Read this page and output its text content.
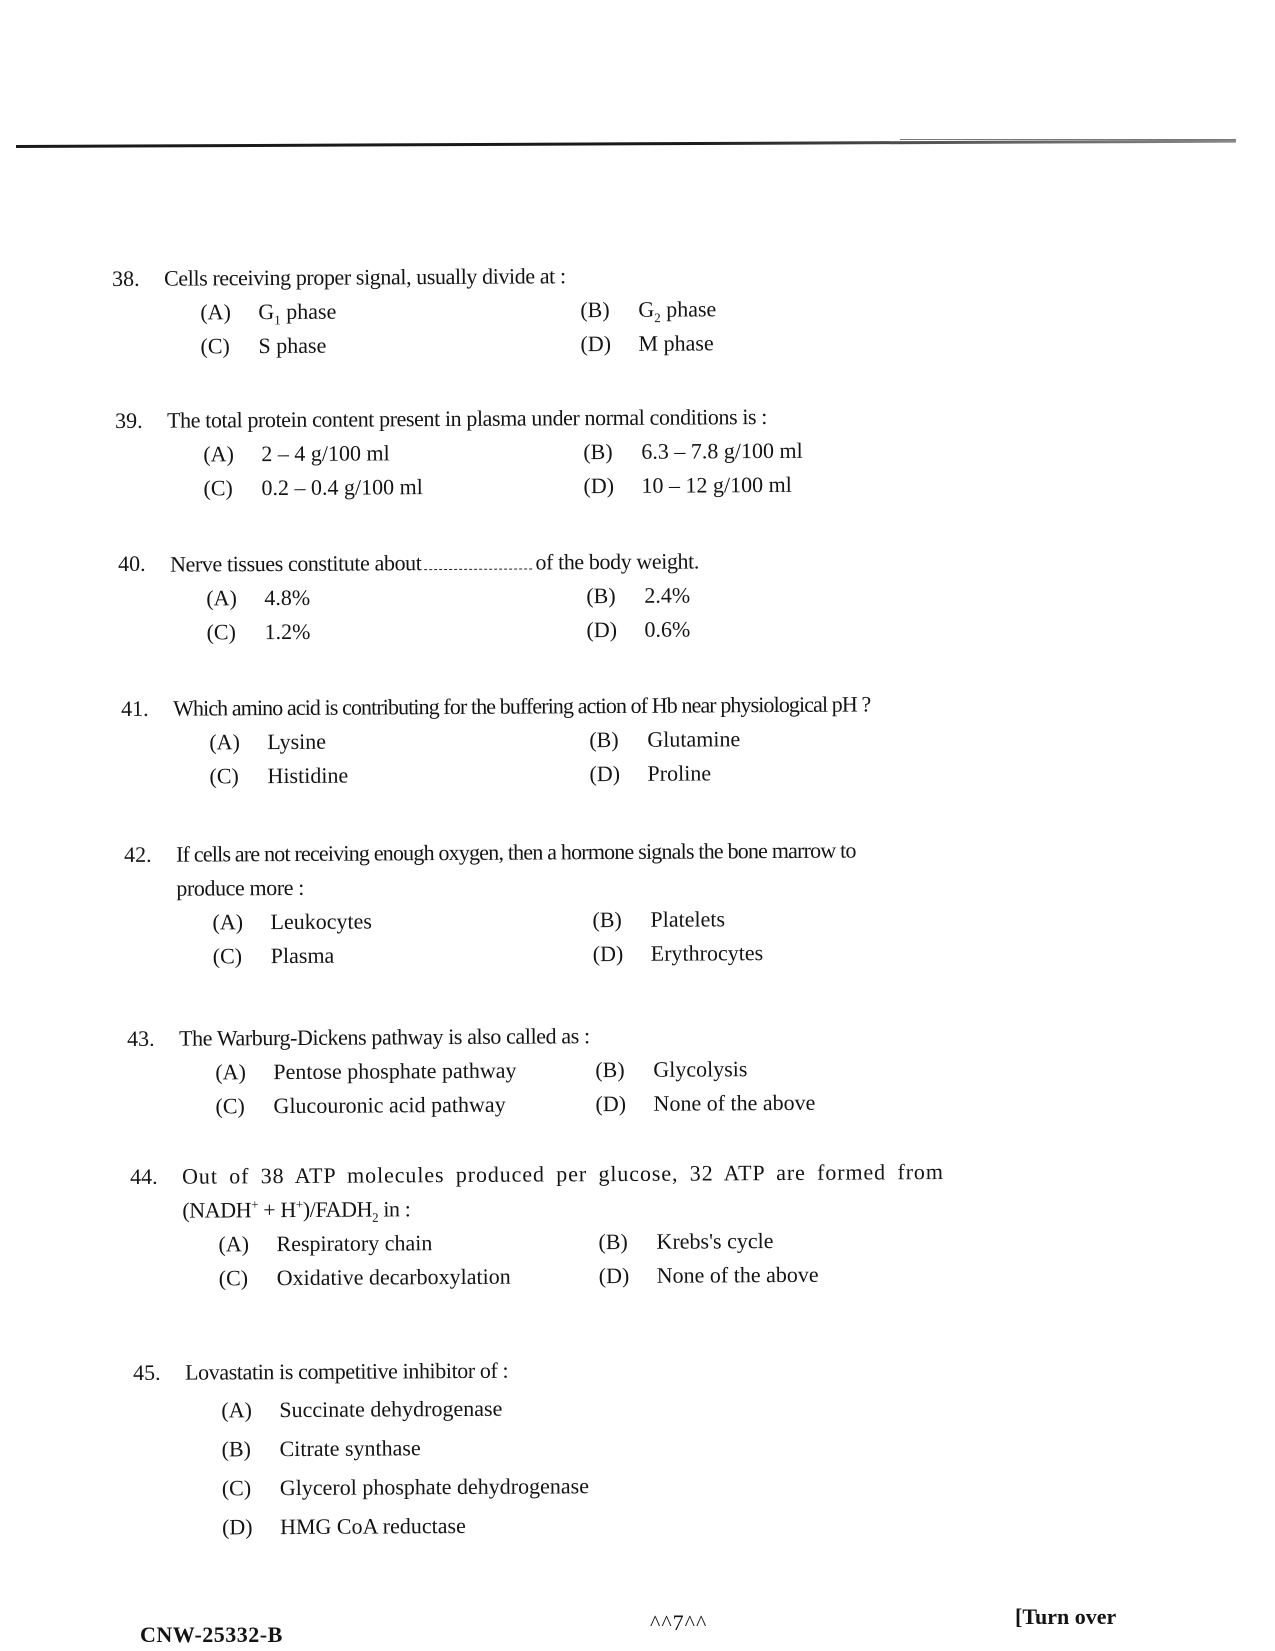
38.	Cells receiving proper signal, usually divide at :
(A)	$G_1$ phase	(B)	$G_2$ phase
(C)	S phase	(D)	M phase
39.	The total protein content present in plasma under normal conditions is :
(A)	2 – 4 g/100 ml	(B)	6.3 – 7.8 g/100 ml
(C)	0.2 – 0.4 g/100 ml	(D)	10 – 12 g/100 ml
40.	Nerve tissues constitute about	of the body weight.
(A)	4.8%	(B)	2.4%
(C)	1.2%	(D)	0.6%
41.	Which amino acid is contributing for the buffering action of Hb near physiological pH ?
(A)	Lysine	(B)	Glutamine
(C)	Histidine	(D)	Proline
42.	If cells are not receiving enough oxygen, then a hormone signals the bone marrow to
produce more :
(A)	Leukocytes	(B)	Platelets
(C)	Plasma	(D)	Erythrocytes
43.	The Warburg-Dickens pathway is also called as :
(A)	Pentose phosphate pathway	(B)	Glycolysis
(C)	Glucouronic acid pathway	(D)	None of the above
44.	Out of 38 ATP molecules produced per glucose, 32 ATP are formed from
(NADH+ + $H^+)/FADH_2$ in :
(A)	Respiratory chain	(B)	Krebs's cycle
(C)	Oxidative decarboxylation	(D)	None of the above
45.	Lovastatin is competitive inhibitor of :
(A)	Succinate dehydrogenase
(B)	Citrate synthase
(C)	Glycerol phosphate dehydrogenase
(D)	HMG CoA reductase
CNW-25332-B	^^7^^	[Turn over
